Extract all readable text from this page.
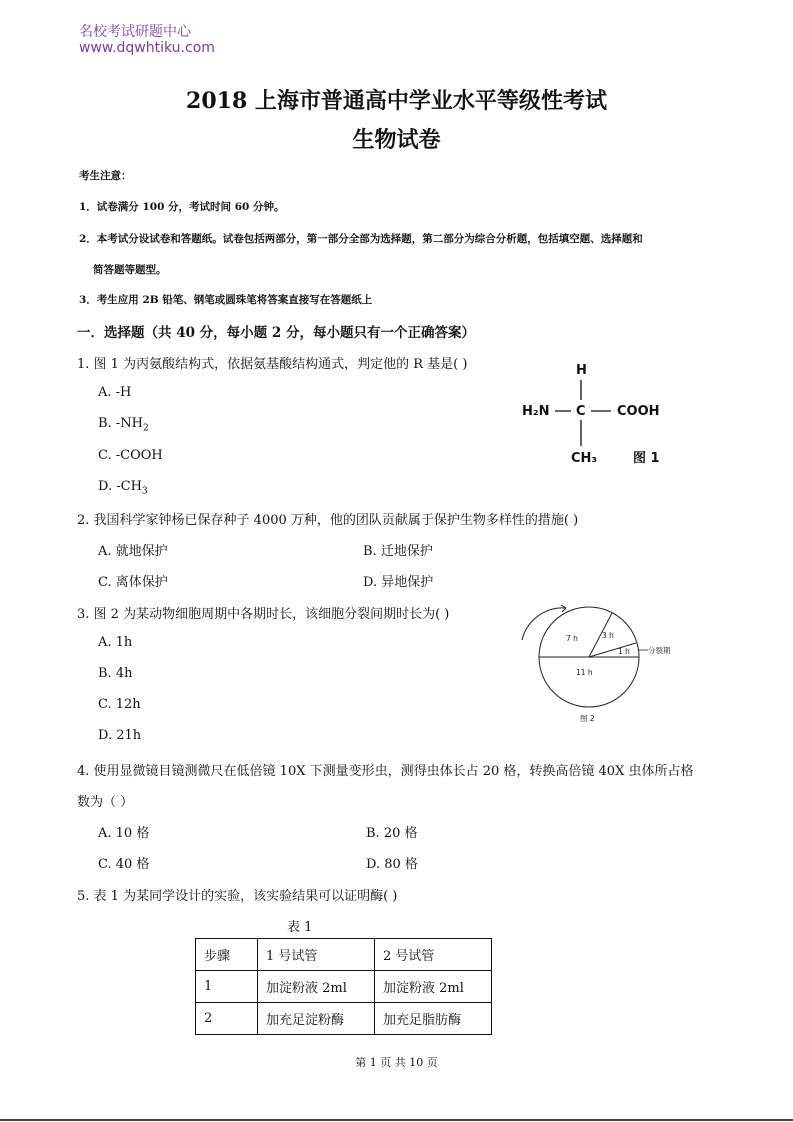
名校考试研题中心
www.dqwhtiku.com
2018 上海市普通高中学业水平等级性考试
生物试卷
考生注意：
1．试卷满分 100 分，考试时间 60 分钟。
2．本考试分设试卷和答题纸。试卷包括两部分，第一部分全部为选择题，第二部分为综合分析题，包括填空题、选择题和
简答题等题型。
3．考生应用 2B 铅笔、钢笔或圆珠笔将答案直接写在答题纸上
一．选择题（共 40 分，每小题 2 分，每小题只有一个正确答案）
1. 图 1 为丙氨酸结构式，依据氨基酸结构通式，判定他的 R 基是( )
A. -H
B. $-NH_2$
C. -COOH
D. $-CH_3$
H
H₂N C COOH
CH₃	图 1
2. 我国科学家钟杨已保存种子 4000 万种，他的团队贡献属于保护生物多样性的措施( )
A. 就地保护	B. 迁地保护
C. 离体保护	D. 异地保护
3. 图 2 为某动物细胞周期中各期时长，该细胞分裂间期时长为( )
A. 1h
B. 4h
C. 12h
D. 21h
7 h	3 h
1 h
11 h
分裂期
图 2
4. 使用显微镜目镜测微尺在低倍镜 10X 下测量变形虫，测得虫体长占 20 格，转换高倍镜 40X 虫体所占格
数为（ ）
A. 10 格	B. 20 格
C. 40 格	D. 80 格
5. 表 1 为某同学设计的实验，该实验结果可以证明酶( )
表 1
步骤	1 号试管	2 号试管
1	加淀粉液 2ml	加淀粉液 2ml
2	加充足淀粉酶	加充足脂肪酶
第 1 页 共 10 页
